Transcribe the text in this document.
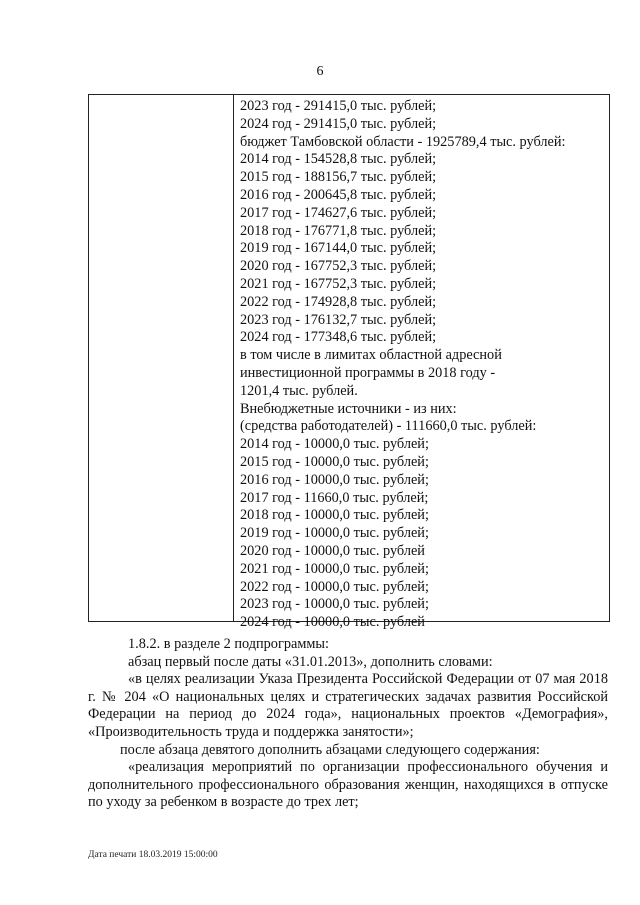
6
2023 год - 291415,0 тыс. рублей;
2024 год - 291415,0 тыс. рублей;
бюджет Тамбовской области - 1925789,4 тыс. рублей:
2014 год - 154528,8 тыс. рублей;
2015 год - 188156,7 тыс. рублей;
2016 год - 200645,8 тыс. рублей;
2017 год - 174627,6 тыс. рублей;
2018 год - 176771,8 тыс. рублей;
2019 год - 167144,0 тыс. рублей;
2020 год - 167752,3 тыс. рублей;
2021 год - 167752,3 тыс. рублей;
2022 год - 174928,8 тыс. рублей;
2023 год - 176132,7 тыс. рублей;
2024 год - 177348,6 тыс. рублей;
в том числе в лимитах областной адресной
инвестиционной программы в 2018 году -
1201,4 тыс. рублей.
Внебюджетные источники - из них:
(средства работодателей) - 111660,0 тыс. рублей:
2014 год - 10000,0 тыс. рублей;
2015 год - 10000,0 тыс. рублей;
2016 год - 10000,0 тыс. рублей;
2017 год - 11660,0 тыс. рублей;
2018 год - 10000,0 тыс. рублей;
2019 год - 10000,0 тыс. рублей;
2020 год - 10000,0 тыс. рублей
2021 год - 10000,0 тыс. рублей;
2022 год - 10000,0 тыс. рублей;
2023 год - 10000,0 тыс. рублей;
2024 год - 10000,0 тыс. рублей

1.8.2. в разделе 2 подпрограммы:

абзац первый после даты «31.01.2013», дополнить словами:

«в целях реализации Указа Президента Российской Федерации от 07 мая 2018 г. № 204 «О национальных целях и стратегических задачах развития Российской Федерации на период до 2024 года», национальных проектов «Демография», «Производительность труда и поддержка занятости»;

после абзаца девятого дополнить абзацами следующего содержания:

«реализация мероприятий по организации профессионального обучения и дополнительного профессионального образования женщин, находящихся в отпуске по уходу за ребенком в возрасте до трех лет;

Дата печати 18.03.2019 15:00:00
